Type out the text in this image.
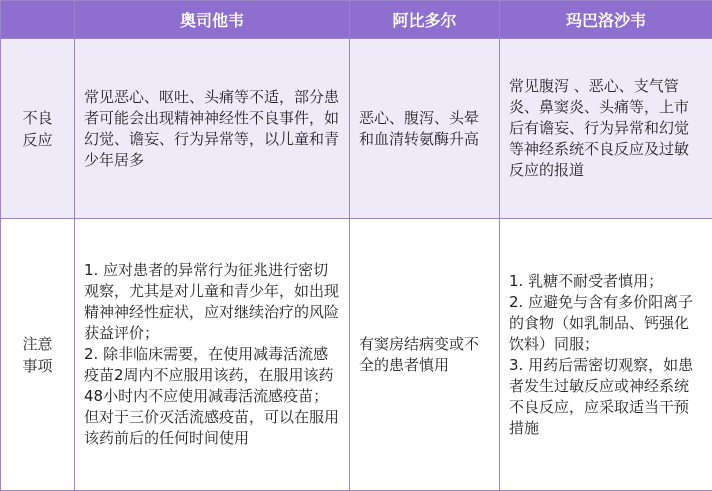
	奥司他韦	阿比多尔	玛巴洛沙韦
不良
反应	常见恶心、呕吐、头痛等不适，部分患者可能会出现精神神经性不良事件，如幻觉、谵妄、行为异常等，以儿童和青少年居多	恶心、腹泻、头晕和血清转氨酶升高	常见腹泻 、恶心、支气管炎、鼻窦炎、头痛等，上市后有谵妄、行为异常和幻觉等神经系统不良反应及过敏反应的报道
注意
事项	1. 应对患者的异常行为征兆进行密切观察，尤其是对儿童和青少年，如出现精神神经性症状，应对继续治疗的风险获益评价；
2. 除非临床需要，在使用减毒活流感疫苗2周内不应服用该药，在服用该药48小时内不应使用减毒活流感疫苗；但对于三价灭活流感疫苗，可以在服用该药前后的任何时间使用	有窦房结病变或不全的患者慎用	1. 乳糖不耐受者慎用；
2. 应避免与含有多价阳离子的食物（如乳制品、钙强化饮料）同服；
3. 用药后需密切观察，如患者发生过敏反应或神经系统不良反应，应采取适当干预措施
